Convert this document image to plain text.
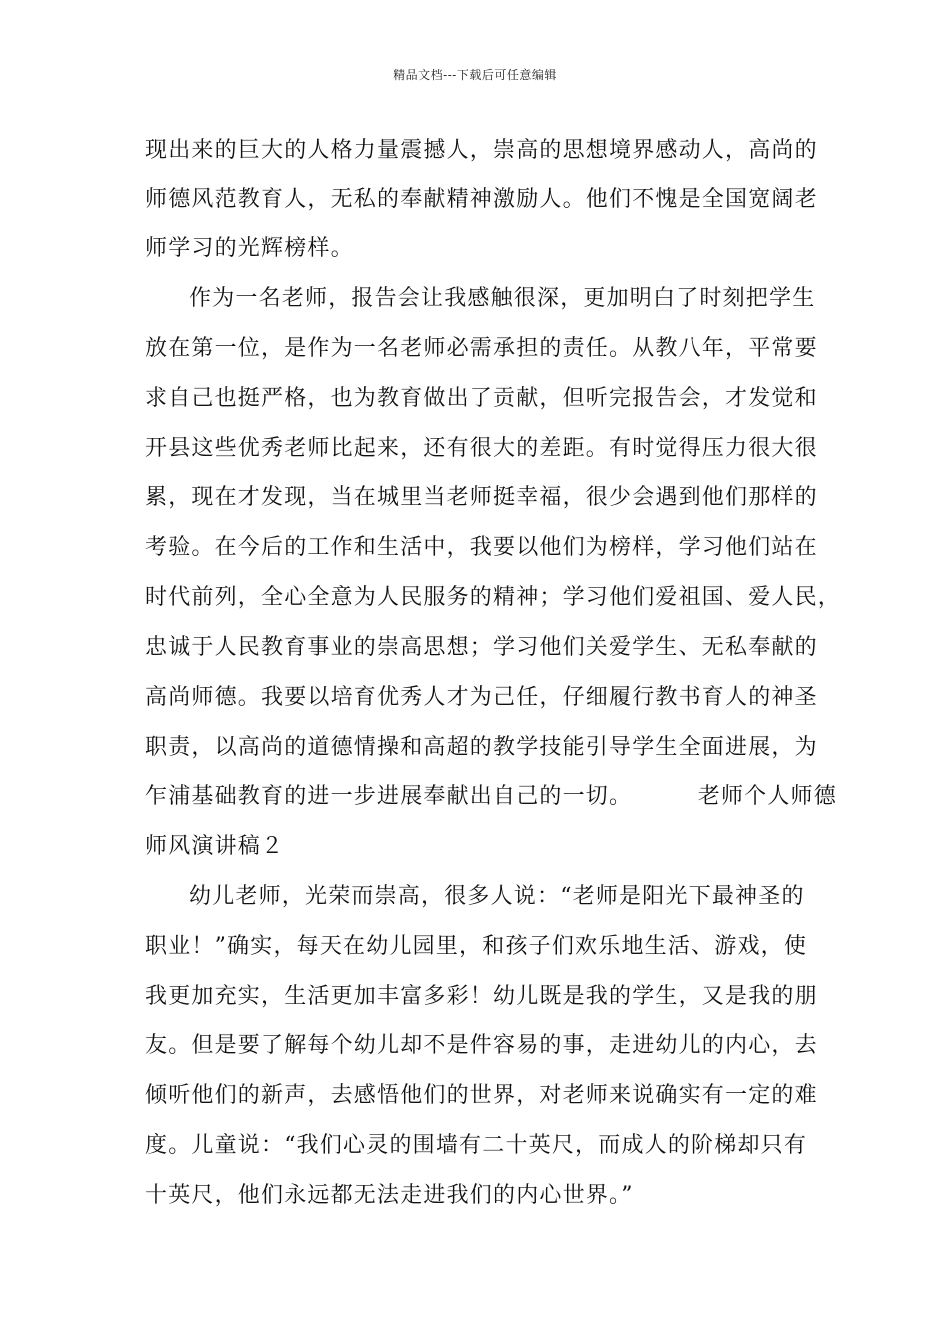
精品文档---下载后可任意编辑
现出来的巨大的人格力量震撼人，崇高的思想境界感动人，高尚的
师德风范教育人，无私的奉献精神激励人。他们不愧是全国宽阔老
师学习的光辉榜样。
作为一名老师，报告会让我感触很深，更加明白了时刻把学生
放在第一位，是作为一名老师必需承担的责任。从教八年，平常要
求自己也挺严格，也为教育做出了贡献，但听完报告会，才发觉和
开县这些优秀老师比起来，还有很大的差距。有时觉得压力很大很
累，现在才发现，当在城里当老师挺幸福，很少会遇到他们那样的
考验。在今后的工作和生活中，我要以他们为榜样，学习他们站在
时代前列，全心全意为人民服务的精神；学习他们爱祖国、爱人民，
忠诚于人民教育事业的崇高思想；学习他们关爱学生、无私奉献的
高尚师德。我要以培育优秀人才为己任，仔细履行教书育人的神圣
职责，以高尚的道德情操和高超的教学技能引导学生全面进展，为
乍浦基础教育的进一步进展奉献出自己的一切。        老师个人师德
师风演讲稿２
幼儿老师，光荣而崇高，很多人说：“老师是阳光下最神圣的
职业！”确实，每天在幼儿园里，和孩子们欢乐地生活、游戏，使
我更加充实，生活更加丰富多彩！幼儿既是我的学生，又是我的朋
友。但是要了解每个幼儿却不是件容易的事，走进幼儿的内心，去
倾听他们的新声，去感悟他们的世界，对老师来说确实有一定的难
度。儿童说：“我们心灵的围墙有二十英尺，而成人的阶梯却只有
十英尺，他们永远都无法走进我们的内心世界。”
